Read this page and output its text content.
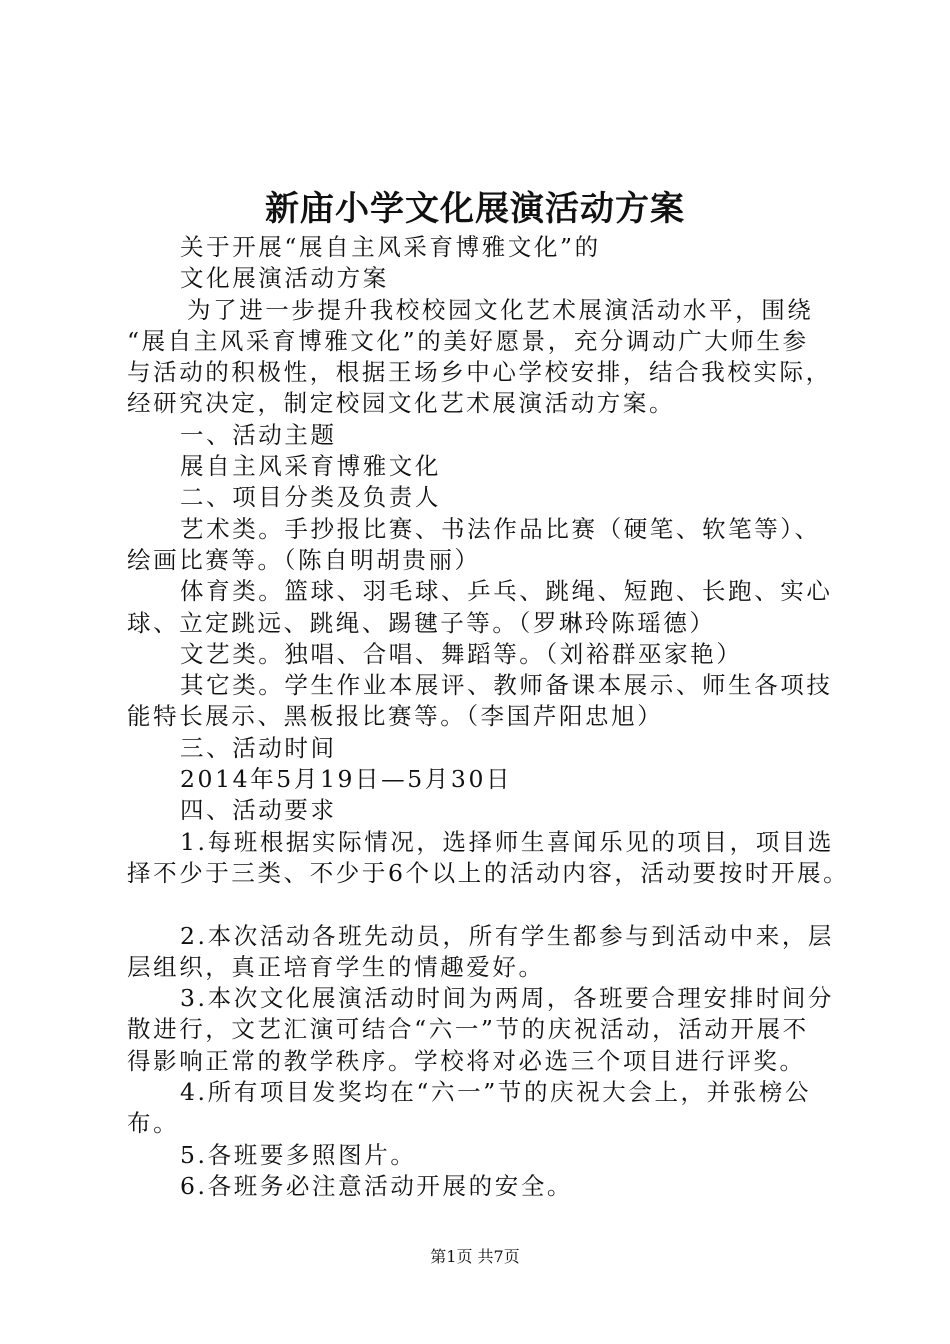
新庙小学文化展演活动方案
关于开展“展自主风采育博雅文化”的
文化展演活动方案
为了进一步提升我校校园文化艺术展演活动水平，围绕
“展自主风采育博雅文化”的美好愿景，充分调动广大师生参
与活动的积极性，根据王场乡中心学校安排，结合我校实际，
经研究决定，制定校园文化艺术展演活动方案。
一、活动主题
展自主风采育博雅文化
二、项目分类及负责人
艺术类。手抄报比赛、书法作品比赛（硬笔、软笔等）、
绘画比赛等。（陈自明胡贵丽）
体育类。篮球、羽毛球、乒乓、跳绳、短跑、长跑、实心
球、立定跳远、跳绳、踢毽子等。（罗琳玲陈瑶德）
文艺类。独唱、合唱、舞蹈等。（刘裕群巫家艳）
其它类。学生作业本展评、教师备课本展示、师生各项技
能特长展示、黑板报比赛等。（李国芹阳忠旭）
三、活动时间
2014年5月19日—5月30日
四、活动要求
1.每班根据实际情况，选择师生喜闻乐见的项目，项目选
择不少于三类、不少于6个以上的活动内容，活动要按时开展。
2.本次活动各班先动员，所有学生都参与到活动中来，层
层组织，真正培育学生的情趣爱好。
3.本次文化展演活动时间为两周，各班要合理安排时间分
散进行，文艺汇演可结合“六一”节的庆祝活动，活动开展不
得影响正常的教学秩序。学校将对必选三个项目进行评奖。
4.所有项目发奖均在“六一”节的庆祝大会上，并张榜公
布。
5.各班要多照图片。
6.各班务必注意活动开展的安全。
第1页 共7页
